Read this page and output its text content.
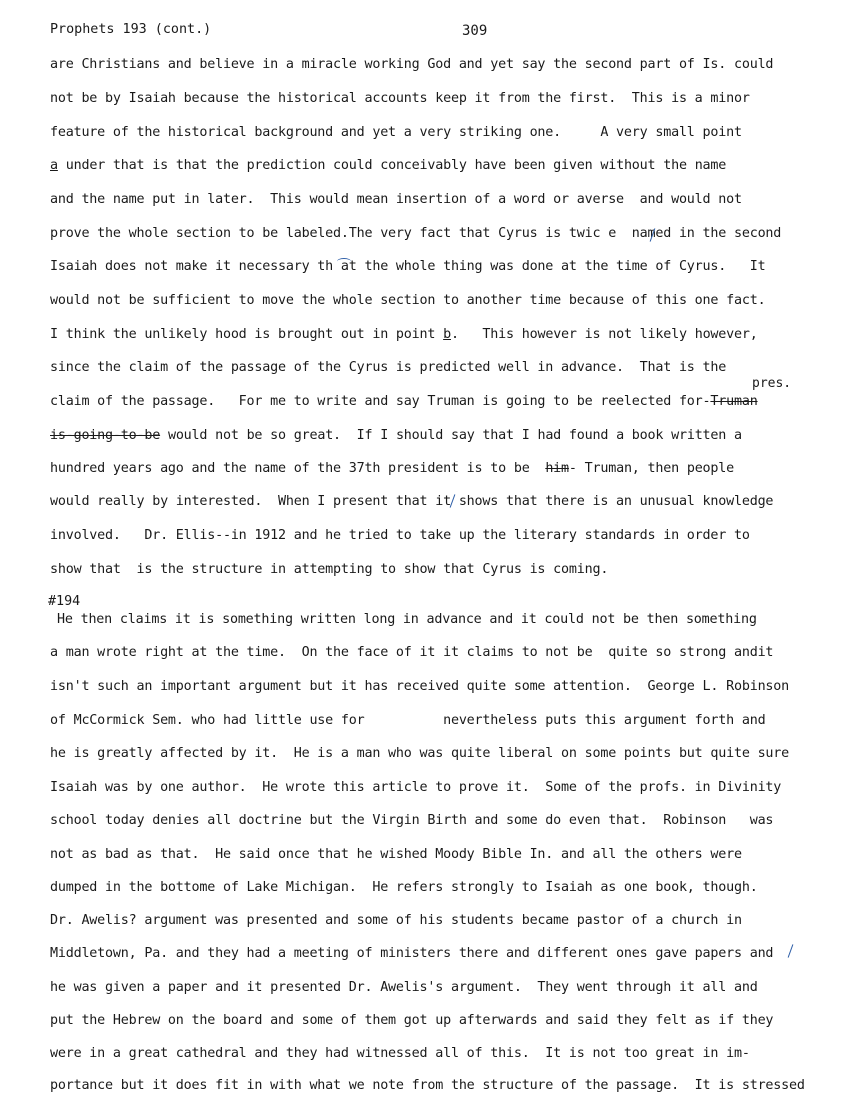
Prophets 193 (cont.)	309
are Christians and believe in a miracle working God and yet say the second part of Is. could
not be by Isaiah because the historical accounts keep it from the first.  This is a minor
feature of the historical background and yet a very striking one.     A very small point
a under that is that the prediction could conceivably have been given without the name
and the name put in later.  This would mean insertion of a word or averse  and would not
prove the whole section to be labeled.The very fact that Cyrus is twic e  named in the second
Isaiah does not make it necessary th at the whole thing was done at the time of Cyrus.   It
would not be sufficient to move the whole section to another time because of this one fact.
I think the unlikely hood is brought out in point b.   This however is not likely however,
since the claim of the passage of the Cyrus is predicted well in advance.  That is the
pres.
claim of the passage.   For me to write and say Truman is going to be reelected for-Truman
is-going-to-be would not be so great.  If I should say that I had found a book written a
hundred years ago and the name of the 37th president is to be him- Truman, then people
would really by interested.  When I present that it shows that there is an unusual knowledge
involved.   Dr. Ellis--in 1912 and he tried to take up the literary standards in order to
show that  is the structure in attempting to show that Cyrus is coming.
#194
He then claims it is something written long in advance and it could not be then something
a man wrote right at the time.  On the face of it it claims to not be  quite so strong andit
isn't such an important argument but it has received quite some attention.  George L. Robinson
of McCormick Sem. who had little use for          nevertheless puts this argument forth and
he is greatly affected by it.  He is a man who was quite liberal on some points but quite sure
Isaiah was by one author.  He wrote this article to prove it.  Some of the profs. in Divinity
school today denies all doctrine but the Virgin Birth and some do even that.  Robinson   was
not as bad as that.  He said once that he wished Moody Bible In. and all the others were
dumped in the bottome of Lake Michigan.  He refers strongly to Isaiah as one book, though.
Dr. Awelis? argument was presented and some of his students became pastor of a church in
Middletown, Pa. and they had a meeting of ministers there and different ones gave papers and
he was given a paper and it presented Dr. Awelis's argument.  They went through it all and
put the Hebrew on the board and some of them got up afterwards and said they felt as if they
were in a great cathedral and they had witnessed all of this.  It is not too great in im-
portance but it does fit in with what we note from the structure of the passage.  It is stressed
